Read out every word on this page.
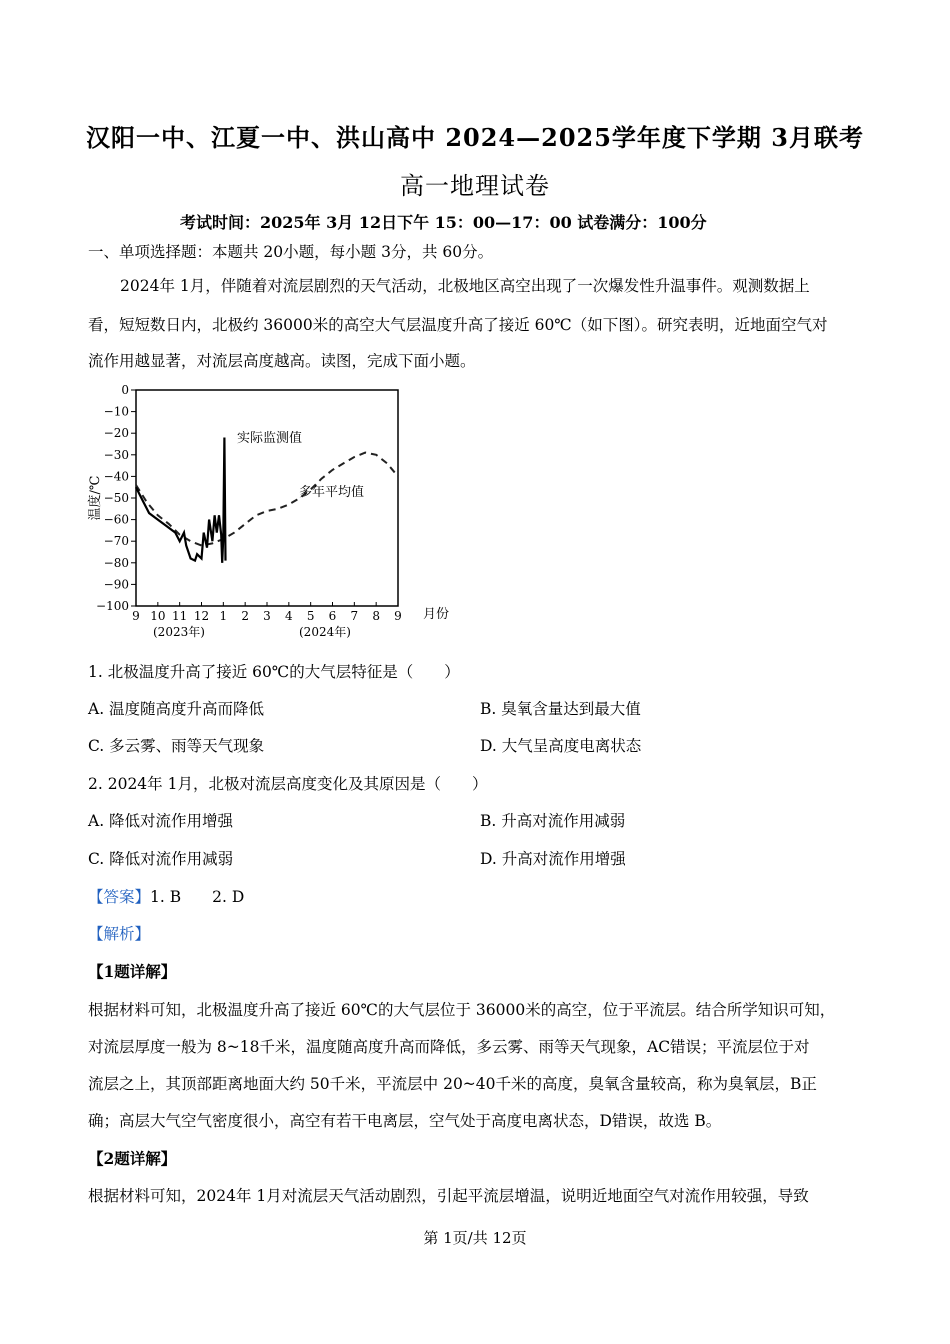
汉阳一中、江夏一中、洪山高中 2024—2025学年度下学期 3月联考
高一地理试卷
考试时间：2025年 3月 12日下午 15：00—17：00 试卷满分：100分
一、单项选择题：本题共 20小题，每小题 3分，共 60分。
2024年 1月，伴随着对流层剧烈的天气活动，北极地区高空出现了一次爆发性升温事件。观测数据上
看，短短数日内，北极约 36000米的高空大气层温度升高了接近 60℃（如下图）。研究表明，近地面空气对
流作用越显著，对流层高度越高。读图，完成下面小题。
0
−10
−20
−30
−40
−50
−60
−70
−80
−90
−100
9 10 11 12 1 2 3 4 5 6 7 8 9
温度/℃
月份
(2023年)	(2024年)
实际监测值
多年平均值
1. 北极温度升高了接近 60℃的大气层特征是（　　）
A. 温度随高度升高而降低	B. 臭氧含量达到最大值
C. 多云雾、雨等天气现象	D. 大气呈高度电离状态
2. 2024年 1月，北极对流层高度变化及其原因是（　　）
A. 降低对流作用增强	B. 升高对流作用减弱
C. 降低对流作用减弱	D. 升高对流作用增强
【答案】1. B　　2. D
【解析】
【1题详解】
根据材料可知，北极温度升高了接近 60℃的大气层位于 36000米的高空，位于平流层。结合所学知识可知，
对流层厚度一般为 8~18千米，温度随高度升高而降低，多云雾、雨等天气现象，AC错误；平流层位于对
流层之上，其顶部距离地面大约 50千米，平流层中 20~40千米的高度，臭氧含量较高，称为臭氧层，B正
确；高层大气空气密度很小，高空有若干电离层，空气处于高度电离状态，D错误，故选 B。
【2题详解】
根据材料可知，2024年 1月对流层天气活动剧烈，引起平流层增温，说明近地面空气对流作用较强，导致
第 1页/共 12页
